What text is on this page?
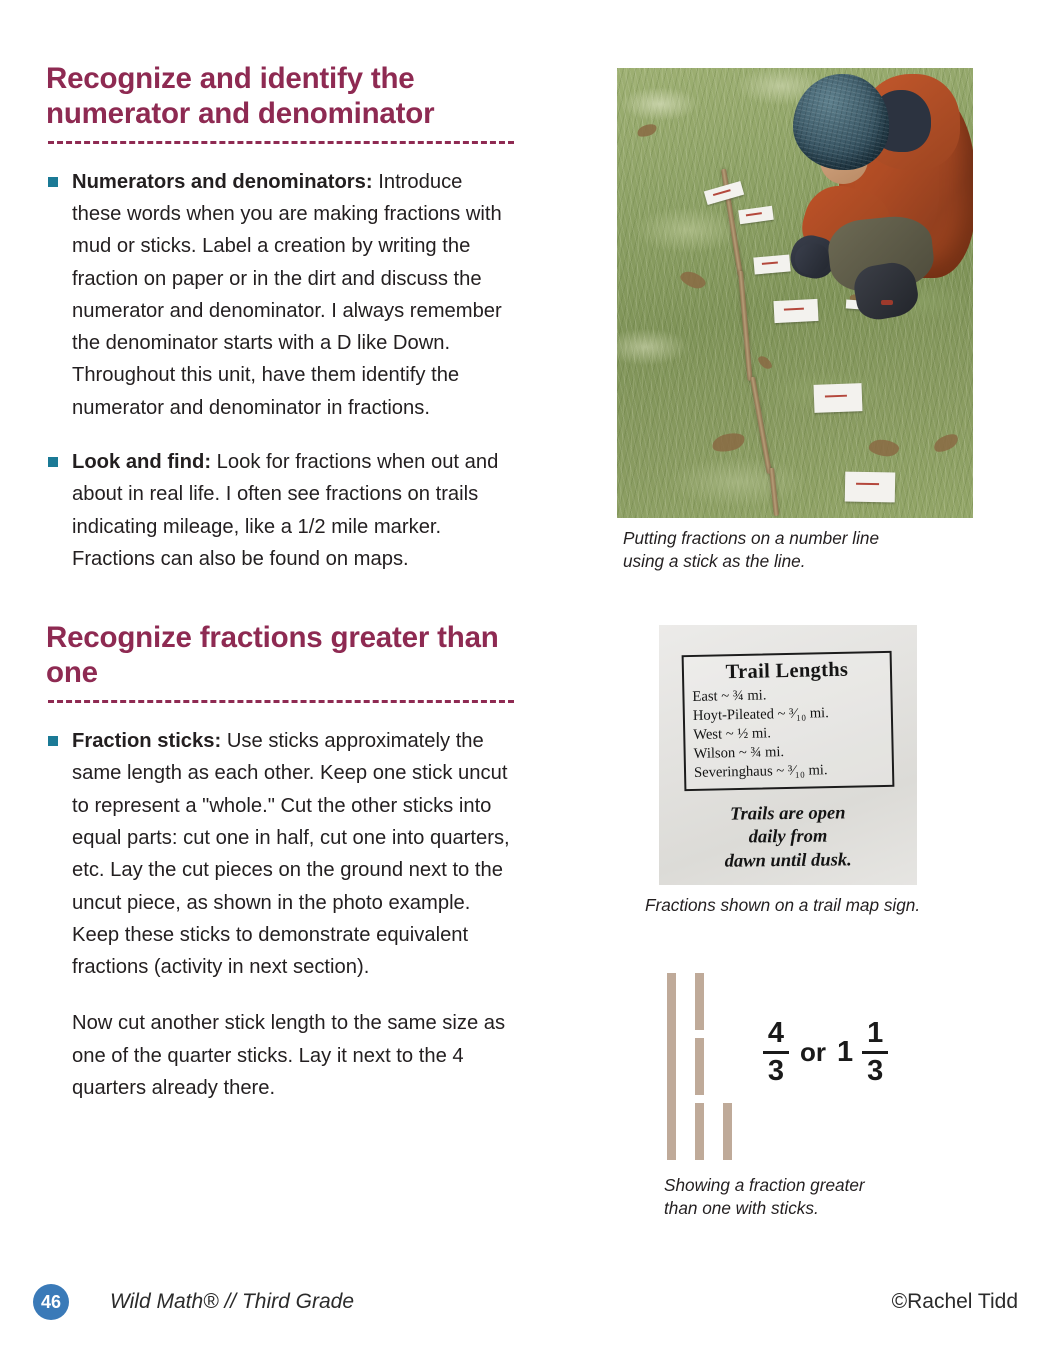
Recognize and identify the numerator and denominator
Numerators and denominators: Introduce these words when you are making fractions with mud or sticks. Label a creation by writing the fraction on paper or in the dirt and discuss the numerator and denominator. I always remember the denominator starts with a D like Down. Throughout this unit, have them identify the numerator and denominator in fractions.
Look and find: Look for fractions when out and about in real life. I often see fractions on trails indicating mileage, like a 1/2 mile marker. Fractions can also be found on maps.
Recognize fractions greater than one
Fraction sticks: Use sticks approximately the same length as each other. Keep one stick uncut to represent a "whole." Cut the other sticks into equal parts: cut one in half, cut one into quarters, etc. Lay the cut pieces on the ground next to the uncut piece, as shown in the photo example. Keep these sticks to demonstrate equivalent fractions (activity in next section).

Now cut another stick length to the same size as one of the quarter sticks. Lay it next to the 4 quarters already there.

Putting fractions on a number line
using a stick as the line.

Trail Lengths
East ~ ¾ mi.
Hoyt-Pileated ~ ³⁄₁₀ mi.
West ~ ½ mi.
Wilson ~ ¾ mi.
Severinghaus ~ ³⁄₁₀ mi.
Trails are open
daily from
dawn until dusk.

Fractions shown on a trail map sign.

$\frac{4}{3}$ or $1 \frac{1}{3}$

Showing a fraction greater
than one with sticks.

46	Wild Math® // Third Grade	©Rachel Tidd
